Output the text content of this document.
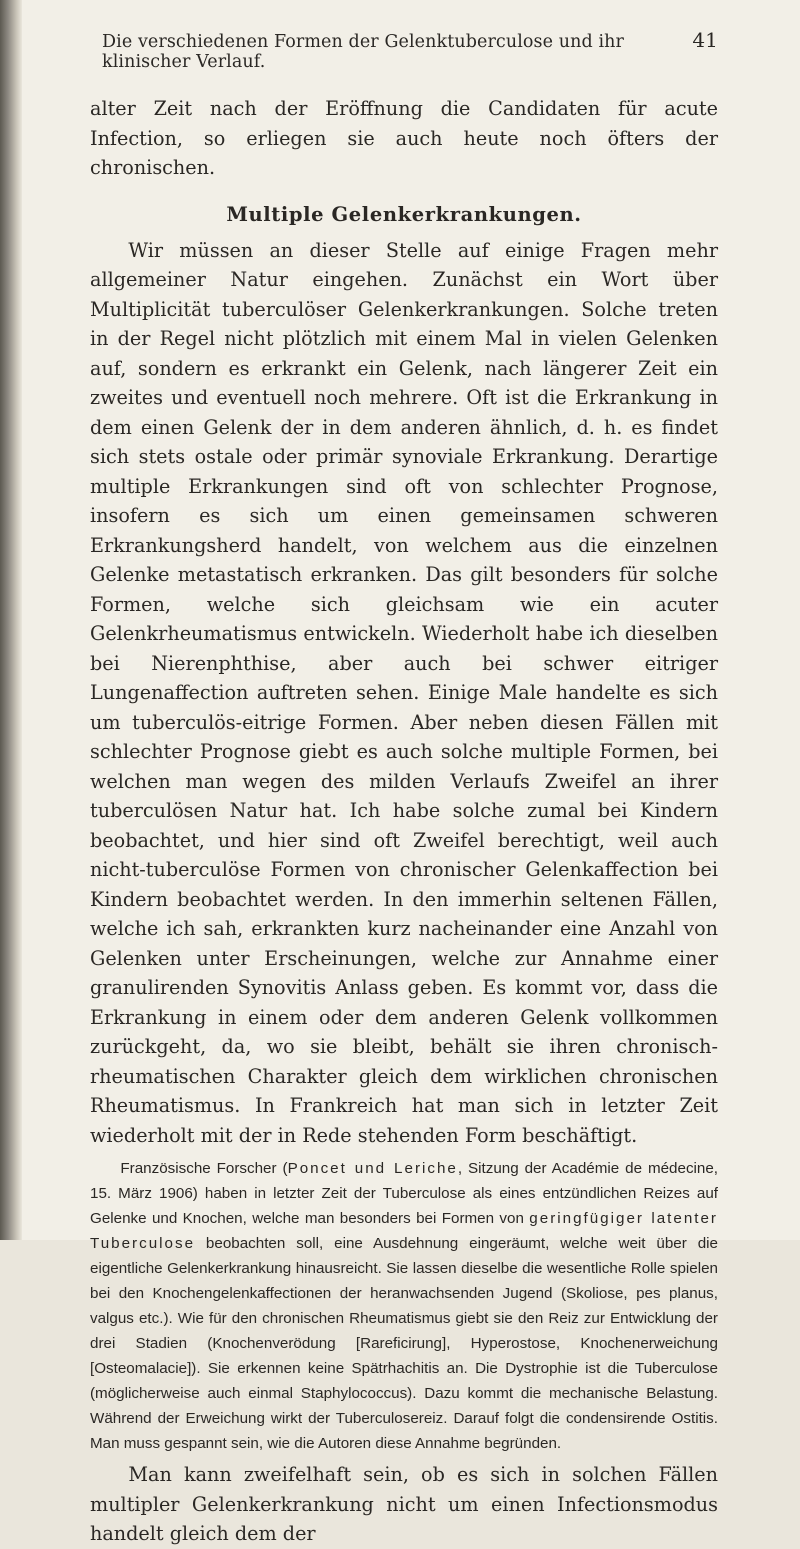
Die verschiedenen Formen der Gelenktuberculose und ihr klinischer Verlauf.
41

alter Zeit nach der Eröffnung die Candidaten für acute Infection, so erliegen sie auch heute noch öfters der chronischen.

Multiple Gelenkerkrankungen.

Wir müssen an dieser Stelle auf einige Fragen mehr allgemeiner Natur eingehen. Zunächst ein Wort über Multiplicität tuberculöser Gelenkerkrankungen. Solche treten in der Regel nicht plötzlich mit einem Mal in vielen Gelenken auf, sondern es erkrankt ein Gelenk, nach längerer Zeit ein zweites und eventuell noch mehrere. Oft ist die Erkrankung in dem einen Gelenk der in dem anderen ähnlich, d. h. es findet sich stets ostale oder primär synoviale Erkrankung. Derartige multiple Erkrankungen sind oft von schlechter Prognose, insofern es sich um einen gemeinsamen schweren Erkrankungsherd handelt, von welchem aus die einzelnen Gelenke metastatisch erkranken. Das gilt besonders für solche Formen, welche sich gleichsam wie ein acuter Gelenkrheumatismus entwickeln. Wiederholt habe ich dieselben bei Nierenphthise, aber auch bei schwer eitriger Lungenaffection auftreten sehen. Einige Male handelte es sich um tuberculös-eitrige Formen. Aber neben diesen Fällen mit schlechter Prognose giebt es auch solche multiple Formen, bei welchen man wegen des milden Verlaufs Zweifel an ihrer tuberculösen Natur hat. Ich habe solche zumal bei Kindern beobachtet, und hier sind oft Zweifel berechtigt, weil auch nicht-tuberculöse Formen von chronischer Gelenkaffection bei Kindern beobachtet werden. In den immerhin seltenen Fällen, welche ich sah, erkrankten kurz nacheinander eine Anzahl von Gelenken unter Erscheinungen, welche zur Annahme einer granulirenden Synovitis Anlass geben. Es kommt vor, dass die Erkrankung in einem oder dem anderen Gelenk vollkommen zurückgeht, da, wo sie bleibt, behält sie ihren chronisch-rheumatischen Charakter gleich dem wirklichen chronischen Rheumatismus. In Frankreich hat man sich in letzter Zeit wiederholt mit der in Rede stehenden Form beschäftigt.

Französische Forscher (Poncet und Leriche, Sitzung der Académie de médecine, 15. März 1906) haben in letzter Zeit der Tuberculose als eines entzündlichen Reizes auf Gelenke und Knochen, welche man besonders bei Formen von geringfügiger latenter Tuberculose beobachten soll, eine Ausdehnung eingeräumt, welche weit über die eigentliche Gelenkerkrankung hinausreicht. Sie lassen dieselbe die wesentliche Rolle spielen bei den Knochengelenkaffectionen der heranwachsenden Jugend (Skoliose, pes planus, valgus etc.). Wie für den chronischen Rheumatismus giebt sie den Reiz zur Entwicklung der drei Stadien (Knochenverödung [Rareficirung], Hyperostose, Knochenerweichung [Osteomalacie]). Sie erkennen keine Spätrhachitis an. Die Dystrophie ist die Tuberculose (möglicherweise auch einmal Staphylococcus). Dazu kommt die mechanische Belastung. Während der Erweichung wirkt der Tuberculosereiz. Darauf folgt die condensirende Ostitis. Man muss gespannt sein, wie die Autoren diese Annahme begründen.

Man kann zweifelhaft sein, ob es sich in solchen Fällen multipler Gelenkerkrankung nicht um einen Infectionsmodus handelt gleich dem der
